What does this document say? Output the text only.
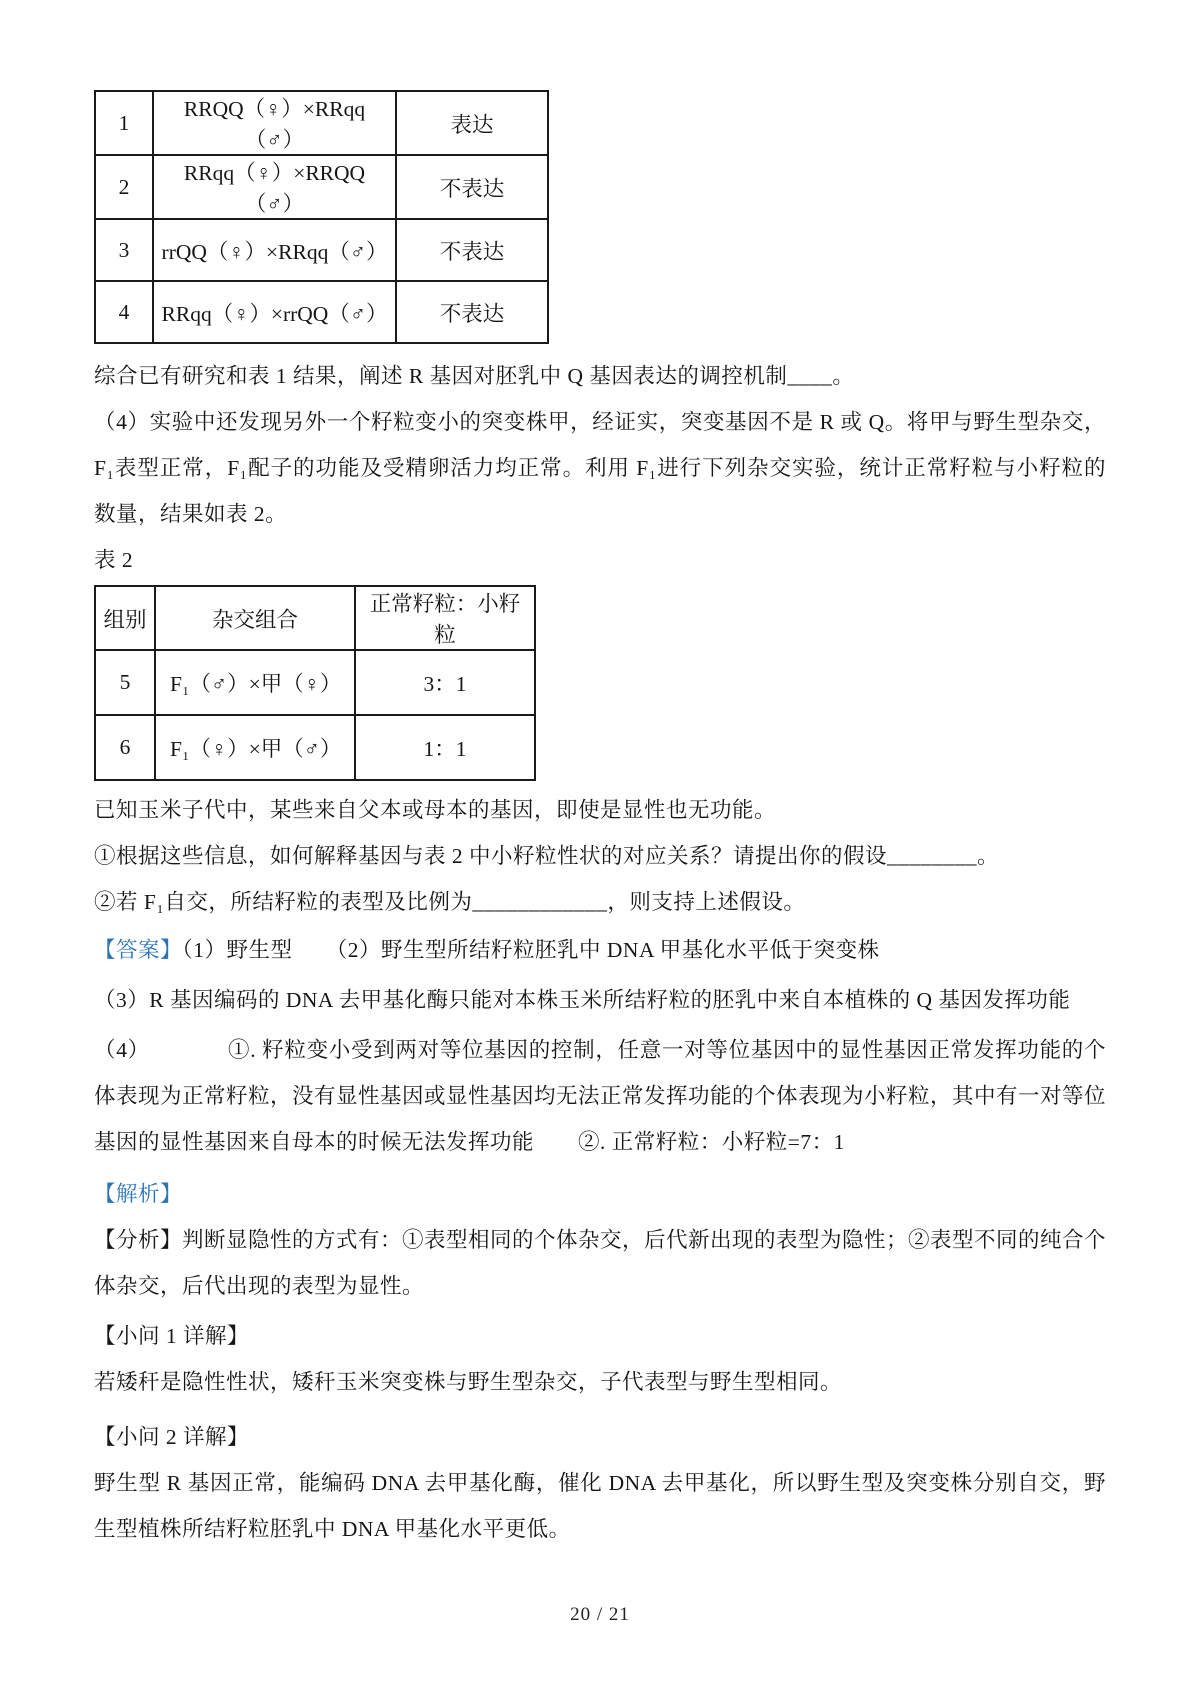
1	RRQQ（♀）×RRqq（♂）	表达
2	RRqq（♀）×RRQQ（♂）	不表达
3	rrQQ（♀）×RRqq（♂）	不表达
4	RRqq（♀）×rrQQ（♂）	不表达

综合已有研究和表 1 结果，阐述 R 基因对胚乳中 Q 基因表达的调控机制____。

（4）实验中还发现另外一个籽粒变小的突变株甲，经证实，突变基因不是 R 或 Q。将甲与野生型杂交，F₁表型正常，F₁配子的功能及受精卵活力均正常。利用 F₁进行下列杂交实验，统计正常籽粒与小籽粒的数量，结果如表 2。

表 2

组别	杂交组合	正常籽粒：小籽粒
5	F₁（♂）×甲（♀）	3：1
6	F₁（♀）×甲（♂）	1：1

已知玉米子代中，某些来自父本或母本的基因，即使是显性也无功能。

①根据这些信息，如何解释基因与表 2 中小籽粒性状的对应关系？请提出你的假设________。

②若 F₁自交，所结籽粒的表型及比例为____________，则支持上述假设。

【答案】（1）野生型　　（2）野生型所结籽粒胚乳中 DNA 甲基化水平低于突变株

（3）R 基因编码的 DNA 去甲基化酶只能对本株玉米所结籽粒的胚乳中来自本植株的 Q 基因发挥功能

（4）　　　　①. 籽粒变小受到两对等位基因的控制，任意一对等位基因中的显性基因正常发挥功能的个体表现为正常籽粒，没有显性基因或显性基因均无法正常发挥功能的个体表现为小籽粒，其中有一对等位基因的显性基因来自母本的时候无法发挥功能　　②. 正常籽粒：小籽粒=7：1

【解析】

【分析】判断显隐性的方式有：①表型相同的个体杂交，后代新出现的表型为隐性；②表型不同的纯合个体杂交，后代出现的表型为显性。

【小问 1 详解】

若矮秆是隐性性状，矮秆玉米突变株与野生型杂交，子代表型与野生型相同。

【小问 2 详解】

野生型 R 基因正常，能编码 DNA 去甲基化酶，催化 DNA 去甲基化，所以野生型及突变株分别自交，野生型植株所结籽粒胚乳中 DNA 甲基化水平更低。

20 / 21
